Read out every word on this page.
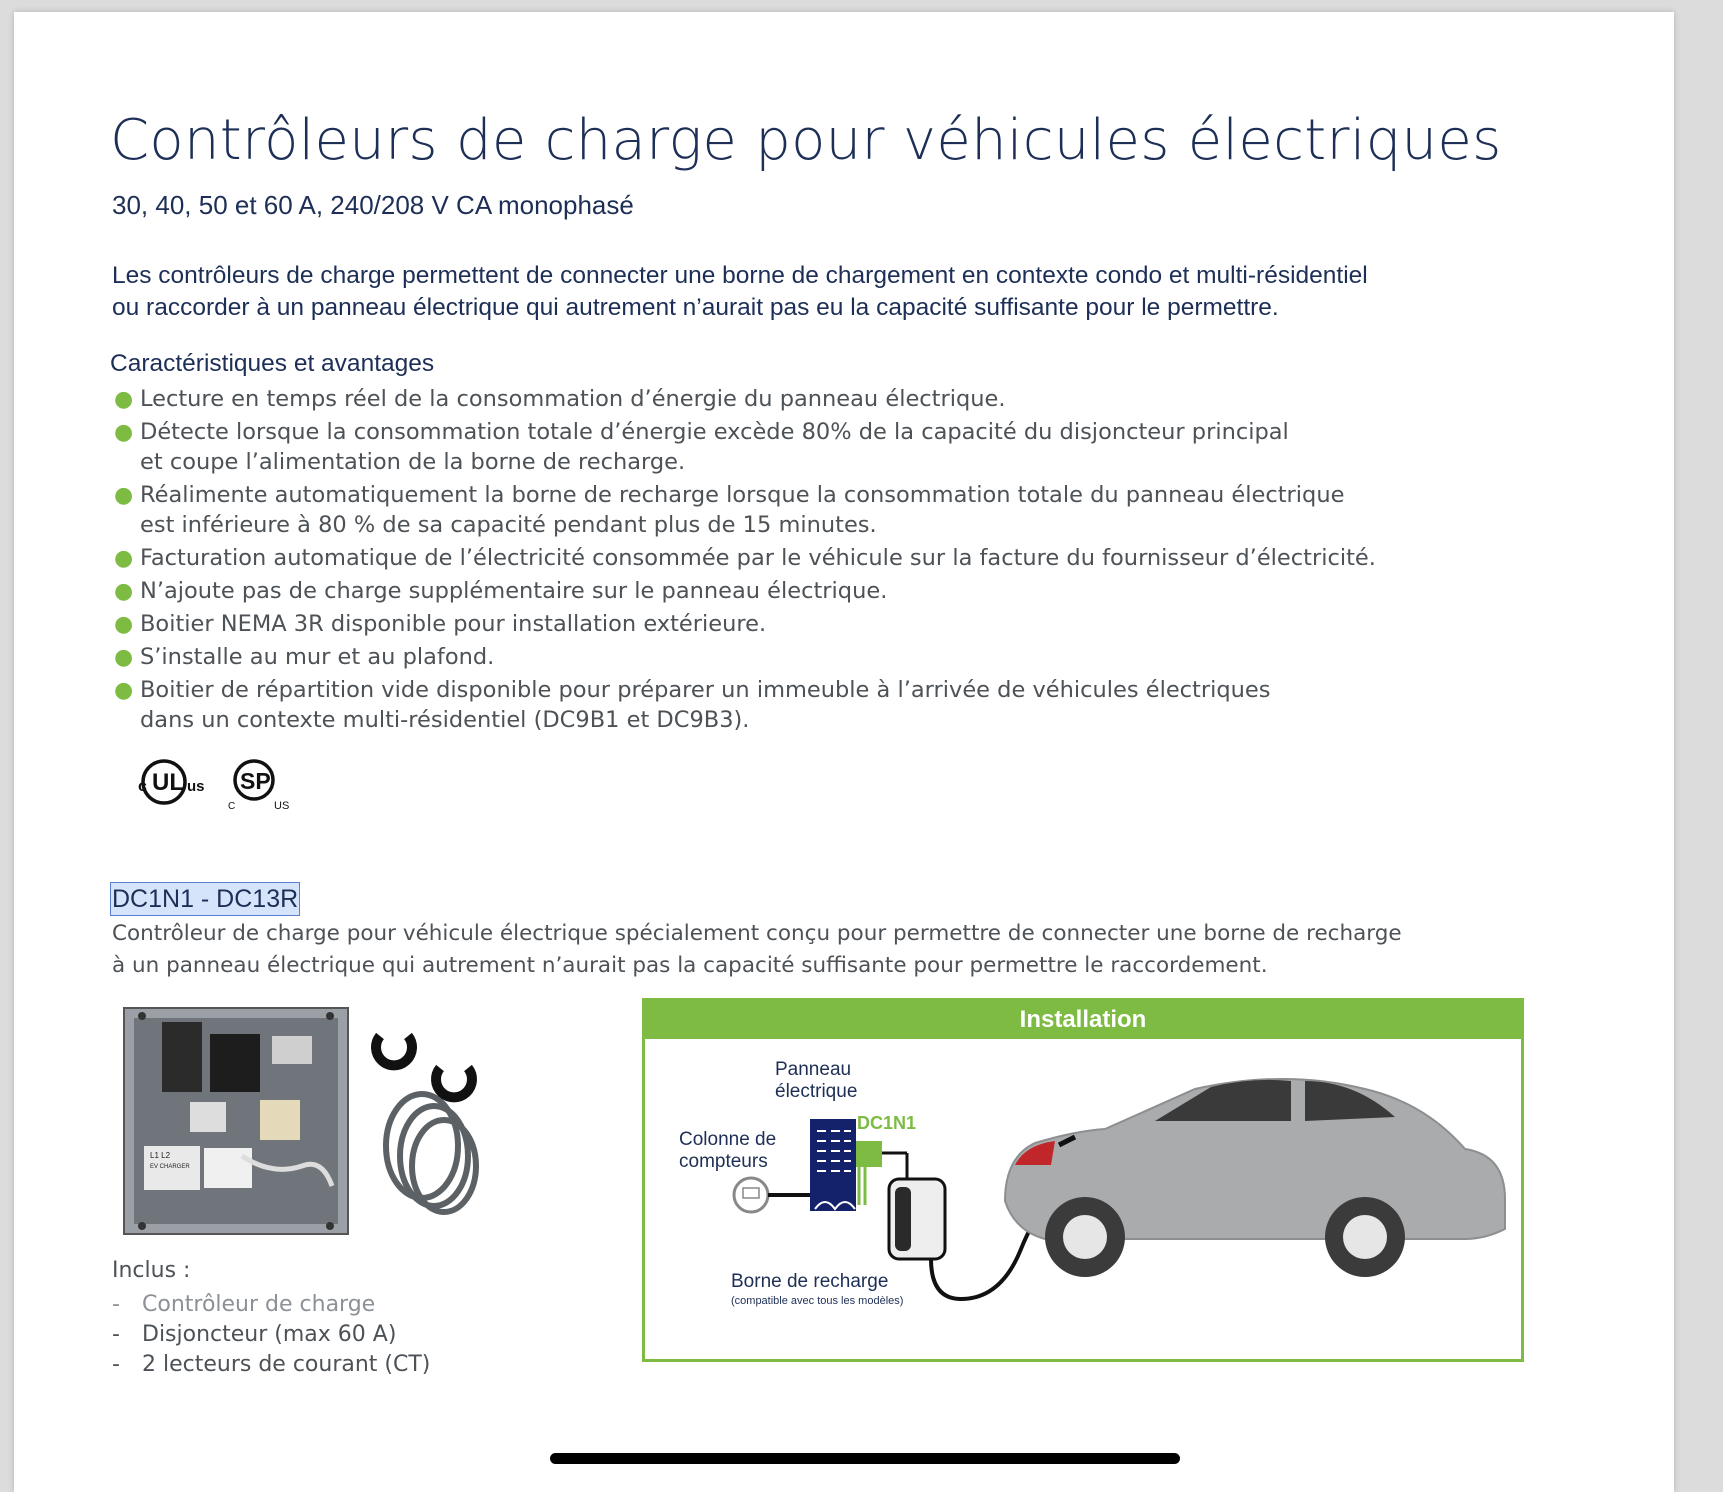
Contrôleurs de charge pour véhicules électriques
30, 40, 50 et 60 A, 240/208 V CA monophasé
Les contrôleurs de charge permettent de connecter une borne de chargement en contexte condo et multi-résidentiel
ou raccorder à un panneau électrique qui autrement n’aurait pas eu la capacité suffisante pour le permettre.
Caractéristiques et avantages
● Lecture en temps réel de la consommation d’énergie du panneau électrique.
● Détecte lorsque la consommation totale d’énergie excède 80% de la capacité du disjoncteur principal
et coupe l’alimentation de la borne de recharge.
● Réalimente automatiquement la borne de recharge lorsque la consommation totale du panneau électrique
est inférieure à 80 % de sa capacité pendant plus de 15 minutes.
● Facturation automatique de l’électricité consommée par le véhicule sur la facture du fournisseur d’électricité.
● N’ajoute pas de charge supplémentaire sur le panneau électrique.
● Boitier NEMA 3R disponible pour installation extérieure.
● S’installe au mur et au plafond.
● Boitier de répartition vide disponible pour préparer un immeuble à l’arrivée de véhicules électriques
dans un contexte multi-résidentiel (DC9B1 et DC9B3).
c UL us SP
C	US
DC1N1 - DC13R
Contrôleur de charge pour véhicule électrique spécialement conçu pour permettre de connecter une borne de recharge
à un panneau électrique qui autrement n’aurait pas la capacité suffisante pour permettre le raccordement.
L1 L2
EV CHARGER
Inclus :
- Contrôleur de charge
- Disjoncteur (max 60 A)
- 2 lecteurs de courant (CT)
Installation
Panneau
électrique
Colonne de
compteurs
DC1N1
Borne de recharge
(compatible avec tous les modèles)
